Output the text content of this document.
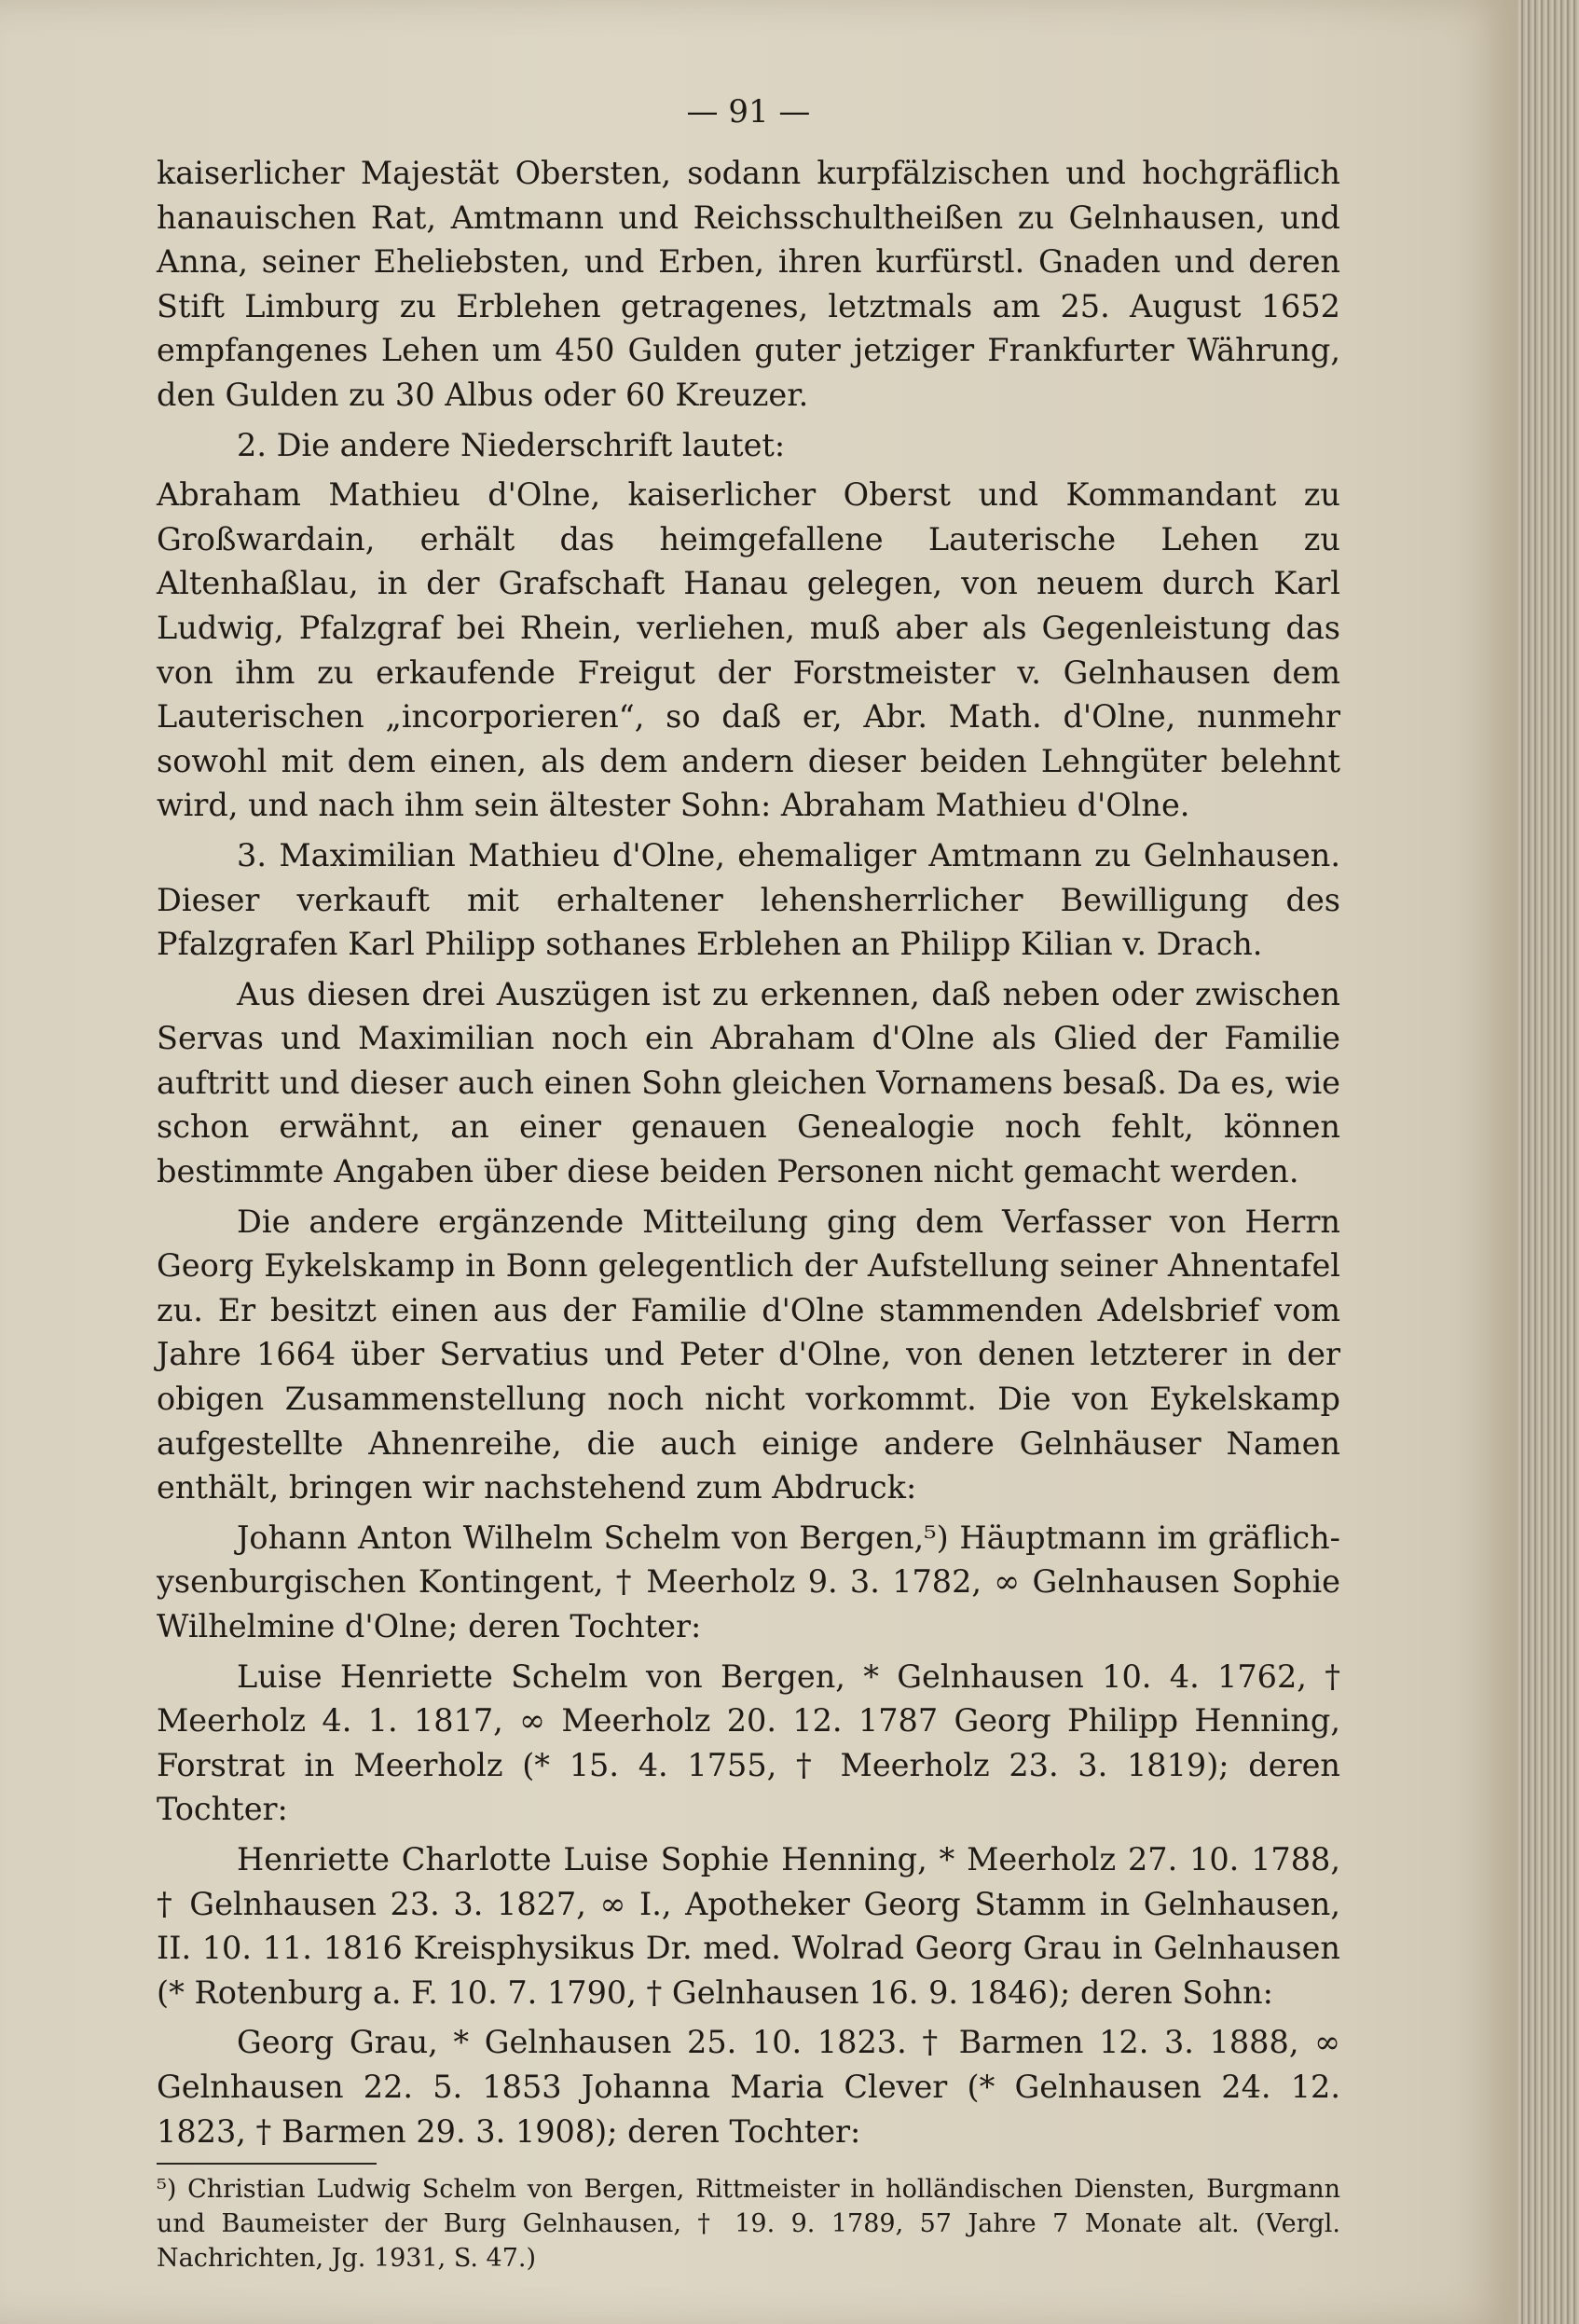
— 91 —

kaiserlicher Majestät Obersten, sodann kurpfälzischen und hochgräflich hanauischen Rat, Amtmann und Reichsschultheißen zu Gelnhausen, und Anna, seiner Eheliebsten, und Erben, ihren kurfürstl. Gnaden und deren Stift Limburg zu Erblehen getragenes, letztmals am 25. August 1652 empfangenes Lehen um 450 Gulden guter jetziger Frankfurter Währung, den Gulden zu 30 Albus oder 60 Kreuzer.

2. Die andere Niederschrift lautet:

Abraham Mathieu d'Olne, kaiserlicher Oberst und Kommandant zu Großwardain, erhält das heimgefallene Lauterische Lehen zu Altenhaßlau, in der Grafschaft Hanau gelegen, von neuem durch Karl Ludwig, Pfalzgraf bei Rhein, verliehen, muß aber als Gegenleistung das von ihm zu erkaufende Freigut der Forstmeister v. Gelnhausen dem Lauterischen „incorporieren“, so daß er, Abr. Math. d'Olne, nunmehr sowohl mit dem einen, als dem andern dieser beiden Lehngüter belehnt wird, und nach ihm sein ältester Sohn: Abraham Mathieu d'Olne.

3. Maximilian Mathieu d'Olne, ehemaliger Amtmann zu Gelnhausen. Dieser verkauft mit erhaltener lehensherrlicher Bewilligung des Pfalzgrafen Karl Philipp sothanes Erblehen an Philipp Kilian v. Drach.

Aus diesen drei Auszügen ist zu erkennen, daß neben oder zwischen Servas und Maximilian noch ein Abraham d'Olne als Glied der Familie auftritt und dieser auch einen Sohn gleichen Vornamens besaß. Da es, wie schon erwähnt, an einer genauen Genealogie noch fehlt, können bestimmte Angaben über diese beiden Personen nicht gemacht werden.

Die andere ergänzende Mitteilung ging dem Verfasser von Herrn Georg Eykelskamp in Bonn gelegentlich der Aufstellung seiner Ahnentafel zu. Er besitzt einen aus der Familie d'Olne stammenden Adelsbrief vom Jahre 1664 über Servatius und Peter d'Olne, von denen letzterer in der obigen Zusammenstellung noch nicht vorkommt. Die von Eykelskamp aufgestellte Ahnenreihe, die auch einige andere Gelnhäuser Namen enthält, bringen wir nachstehend zum Abdruck:

Johann Anton Wilhelm Schelm von Bergen,⁵) Häuptmann im gräflich-ysenburgischen Kontingent, † Meerholz 9. 3. 1782, ∞ Gelnhausen Sophie Wilhelmine d'Olne; deren Tochter:

Luise Henriette Schelm von Bergen, * Gelnhausen 10. 4. 1762, † Meerholz 4. 1. 1817, ∞ Meerholz 20. 12. 1787 Georg Philipp Henning, Forstrat in Meerholz (* 15. 4. 1755, † Meerholz 23. 3. 1819); deren Tochter:

Henriette Charlotte Luise Sophie Henning, * Meerholz 27. 10. 1788, † Gelnhausen 23. 3. 1827, ∞ I., Apotheker Georg Stamm in Gelnhausen, II. 10. 11. 1816 Kreisphysikus Dr. med. Wolrad Georg Grau in Gelnhausen (* Rotenburg a. F. 10. 7. 1790, † Gelnhausen 16. 9. 1846); deren Sohn:

Georg Grau, * Gelnhausen 25. 10. 1823. † Barmen 12. 3. 1888, ∞ Gelnhausen 22. 5. 1853 Johanna Maria Clever (* Gelnhausen 24. 12. 1823, † Barmen 29. 3. 1908); deren Tochter:

⁵) Christian Ludwig Schelm von Bergen, Rittmeister in holländischen Diensten, Burgmann und Baumeister der Burg Gelnhausen, † 19. 9. 1789, 57 Jahre 7 Monate alt. (Vergl. Nachrichten, Jg. 1931, S. 47.)
